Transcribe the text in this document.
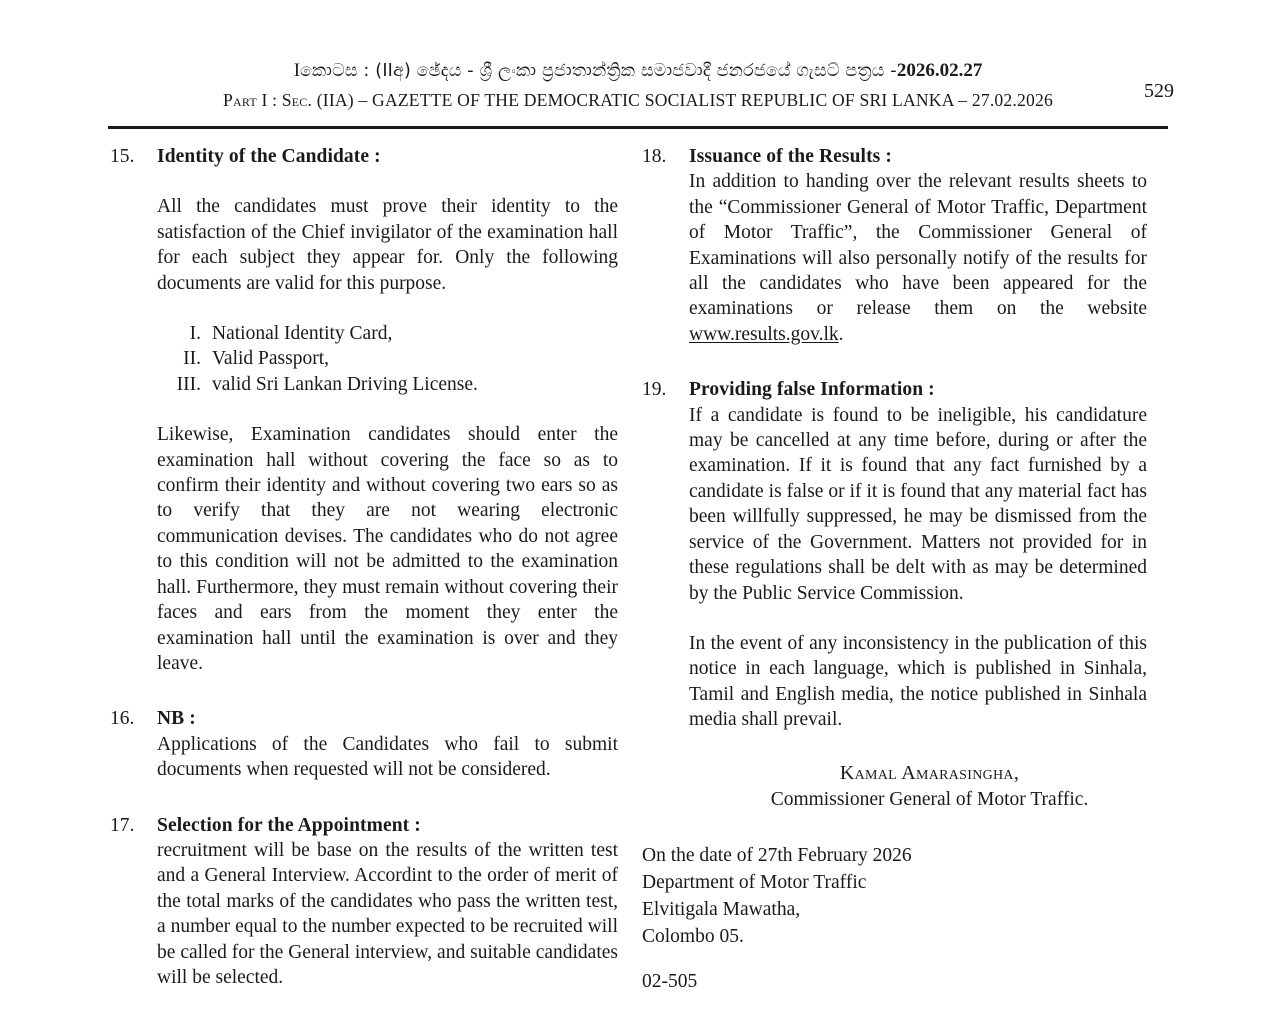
I කොටස : (IIඅ) ඡේදය - ශ්‍රී ලංකා ප්‍රජාතාන්ත්‍රික සමාජවාදී ජනරජයේ ගැසට් පත්‍රය - 2026.02.27
529
Part I : Sec. (IIA) – GAZETTE OF THE DEMOCRATIC SOCIALIST REPUBLIC OF SRI LANKA – 27.02.2026
15.	Identity of the Candidate :

All the candidates must prove their identity to the satisfaction of the Chief invigilator of the examination hall for each subject they appear for. Only the following documents are valid for this purpose.

I. National Identity Card,
II. Valid Passport,
III. valid Sri Lankan Driving License.

Likewise, Examination candidates should enter the examination hall without covering the face so as to confirm their identity and without covering two ears so as to verify that they are not wearing electronic communication devises. The candidates who do not agree to this condition will not be admitted to the examination hall. Furthermore, they must remain without covering their faces and ears from the moment they enter the examination hall until the examination is over and they leave.

16.	NB :

Applications of the Candidates who fail to submit documents when requested will not be considered.

17.	Selection for the Appointment :

recruitment will be base on the results of the written test and a General Interview. Accordint to the order of merit of the total marks of the candidates who pass the written test, a number equal to the number expected to be recruited will be called for the General interview, and suitable candidates will be selected.

18.	Issuance of the Results :

In addition to handing over the relevant results sheets to the “Commissioner General of Motor Traffic, Department of Motor Traffic”, the Commissioner General of Examinations will also personally notify of the results for all the candidates who have been appeared for the examinations or release them on the website www.results.gov.lk.

19.	Providing false Information :

If a candidate is found to be ineligible, his candidature may be cancelled at any time before, during or after the examination. If it is found that any fact furnished by a candidate is false or if it is found that any material fact has been willfully suppressed, he may be dismissed from the service of the Government. Matters not provided for in these regulations shall be delt with as may be determined by the Public Service Commission.

In the event of any inconsistency in the publication of this notice in each language, which is published in Sinhala, Tamil and English media, the notice published in Sinhala media shall prevail.

Kamal Amarasingha,
Commissioner General of Motor Traffic.
On the date of 27th February 2026
Department of Motor Traffic
Elvitigala Mawatha,
Colombo 05.
02-505
